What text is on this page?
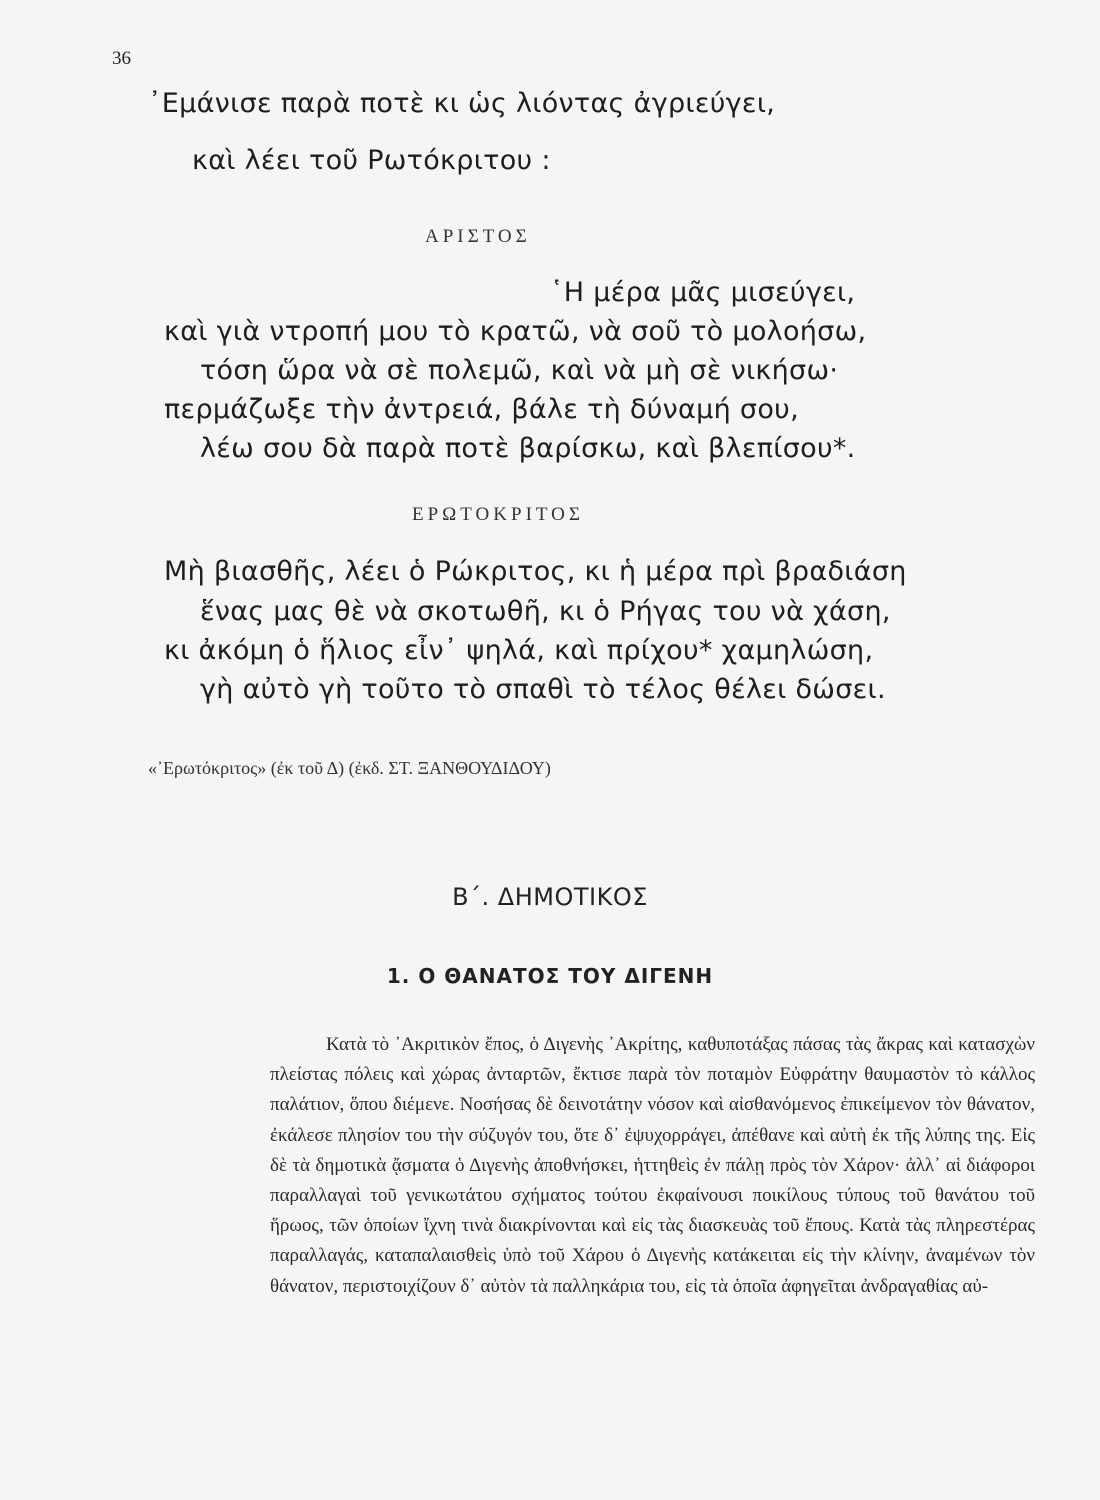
36
᾿Εμάνισε παρὰ ποτὲ κι ὡς λιόντας ἀγριεύγει,
καὶ λέει τοῦ Ρωτόκριτου :
ΑΡΙΣΤΟΣ
῾Η μέρα μᾶς μισεύγει,
καὶ γιὰ ντροπή μου τὸ κρατῶ, νὰ σοῦ τὸ μολοήσω,
τόση ὥρα νὰ σὲ πολεμῶ, καὶ νὰ μὴ σὲ νικήσω·
περμάζωξε τὴν ἀντρειά, βάλε τὴ δύναμή σου,
λέω σου δὰ παρὰ ποτὲ βαρίσκω, καὶ βλεπίσου*.
ΕΡΩΤΟΚΡΙΤΟΣ
Μὴ βιασθῆς, λέει ὁ Ρώκριτος, κι ἡ μέρα πρὶ βραδιάση
ἕνας μας θὲ νὰ σκοτωθῆ, κι ὁ Ρήγας του νὰ χάση,
κι ἀκόμη ὁ ἥλιος εἶν᾿ ψηλά, καὶ πρίχου* χαμηλώση,
γὴ αὐτὸ γὴ τοῦτο τὸ σπαθὶ τὸ τέλος θέλει δώσει.
«᾿Ερωτόκριτος» (ἐκ τοῦ Δ) (ἐκδ. ΣΤ. ΞΑΝΘΟΥΔΙΔΟΥ)
Β΄. ΔΗΜΟΤΙΚΟΣ
1. Ο ΘΑΝΑΤΟΣ ΤΟΥ ΔΙΓΕΝΗ

Κατὰ τὸ ᾿Ακριτικὸν ἔπος, ὁ Διγενὴς ᾿Ακρίτης, καθυποτάξας πάσας τὰς ἄκρας καὶ κατασχὼν πλείστας πόλεις καὶ χώρας ἀνταρτῶν, ἔκτισε παρὰ τὸν ποταμὸν Εὐφράτην θαυμαστὸν τὸ κάλλος παλάτιον, ὅπου διέμενε. Νοσήσας δὲ δεινοτάτην νόσον καὶ αἰσθανόμενος ἐπικείμενον τὸν θάνατον, ἐκάλεσε πλησίον του τὴν σύζυγόν του, ὅτε δ᾿ ἐψυχορράγει, ἀπέθανε καὶ αὐτὴ ἐκ τῆς λύπης της. Εἰς δὲ τὰ δημοτικὰ ᾄσματα ὁ Διγενὴς ἀποθνήσκει, ἡττηθεὶς ἐν πάλῃ πρὸς τὸν Χάρον· ἀλλ᾿ αἱ διάφοροι παραλλαγαὶ τοῦ γενικωτάτου σχήματος τούτου ἐκφαίνουσι ποικίλους τύπους τοῦ θανάτου τοῦ ἥρωος, τῶν ὁποίων ἴχνη τινὰ διακρίνονται καὶ εἰς τὰς διασκευὰς τοῦ ἔπους. Κατὰ τὰς πληρεστέρας παραλλαγάς, καταπαλαισθεὶς ὑπὸ τοῦ Χάρου ὁ Διγενὴς κατάκειται εἰς τὴν κλίνην, ἀναμένων τὸν θάνατον, περιστοιχίζουν δ᾿ αὐτὸν τὰ παλληκάρια του, εἰς τὰ ὁποῖα ἀφηγεῖται ἀνδραγαθίας αὐ-
